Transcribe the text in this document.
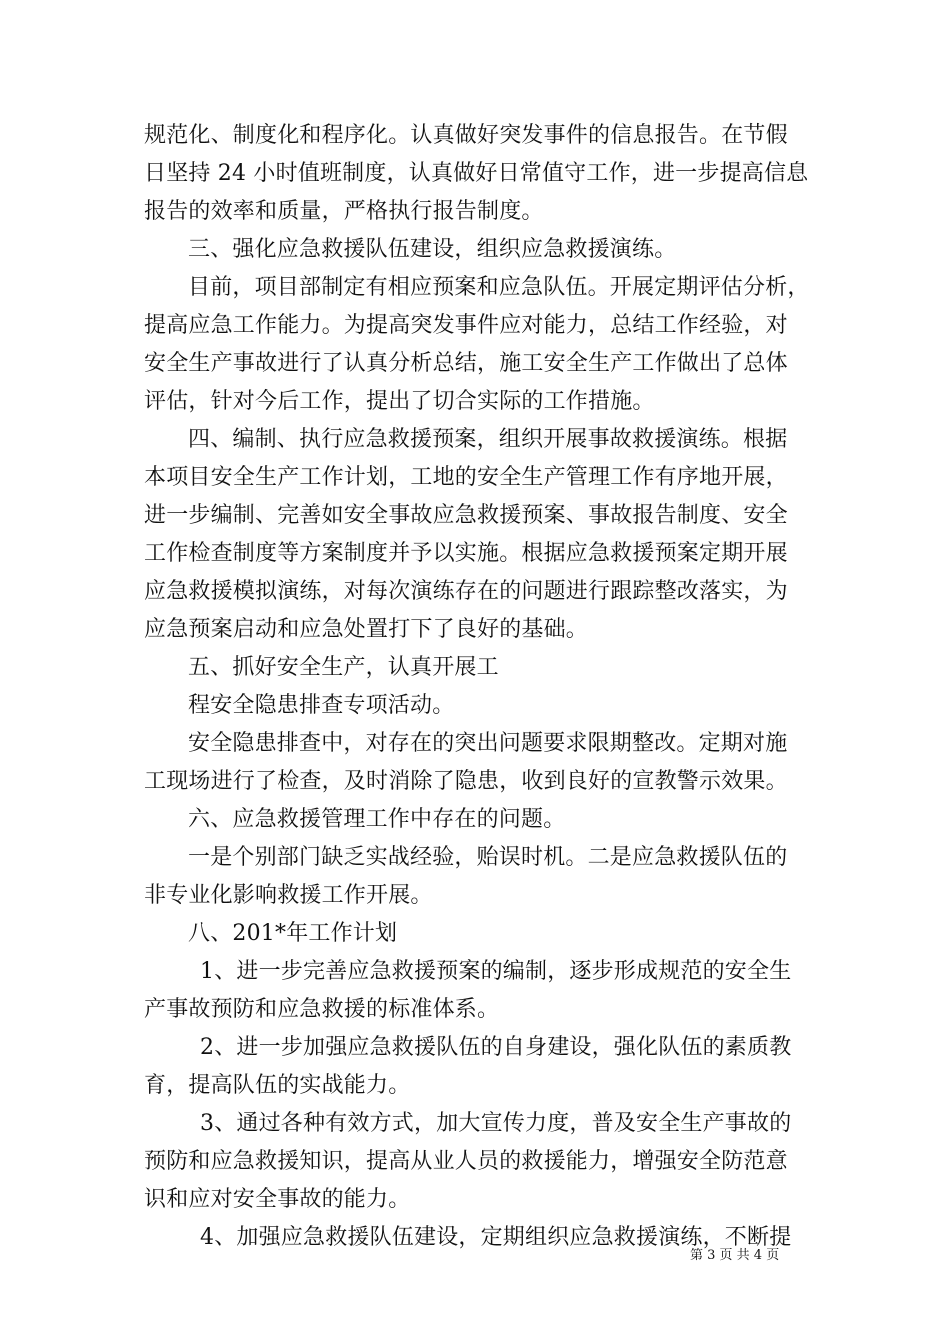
规范化、制度化和程序化。认真做好突发事件的信息报告。在节假
日坚持 24 小时值班制度，认真做好日常值守工作，进一步提高信息
报告的效率和质量，严格执行报告制度。
三、强化应急救援队伍建设，组织应急救援演练。
目前，项目部制定有相应预案和应急队伍。开展定期评估分析，
提高应急工作能力。为提高突发事件应对能力，总结工作经验，对
安全生产事故进行了认真分析总结，施工安全生产工作做出了总体
评估，针对今后工作，提出了切合实际的工作措施。
四、编制、执行应急救援预案，组织开展事故救援演练。根据
本项目安全生产工作计划，工地的安全生产管理工作有序地开展，
进一步编制、完善如安全事故应急救援预案、事故报告制度、安全
工作检查制度等方案制度并予以实施。根据应急救援预案定期开展
应急救援模拟演练，对每次演练存在的问题进行跟踪整改落实，为
应急预案启动和应急处置打下了良好的基础。
五、抓好安全生产，认真开展工
程安全隐患排查专项活动。
安全隐患排查中，对存在的突出问题要求限期整改。定期对施
工现场进行了检查，及时消除了隐患，收到良好的宣教警示效果。
六、应急救援管理工作中存在的问题。
一是个别部门缺乏实战经验，贻误时机。二是应急救援队伍的
非专业化影响救援工作开展。
八、201*年工作计划
1、进一步完善应急救援预案的编制，逐步形成规范的安全生
产事故预防和应急救援的标准体系。
2、进一步加强应急救援队伍的自身建设，强化队伍的素质教
育，提高队伍的实战能力。
3、通过各种有效方式，加大宣传力度，普及安全生产事故的
预防和应急救援知识，提高从业人员的救援能力，增强安全防范意
识和应对安全事故的能力。
4、加强应急救援队伍建设，定期组织应急救援演练，不断提
第 3 页 共 4 页
